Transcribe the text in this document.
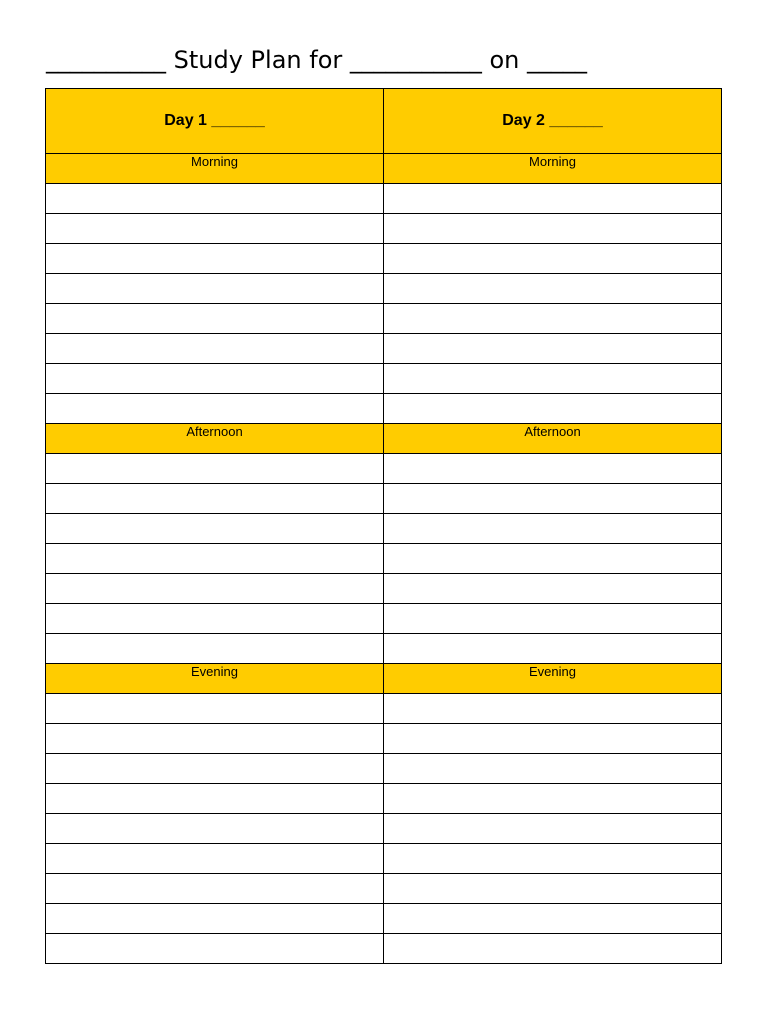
__________ Study Plan for ___________ on _____
Day 1 ______	Day 2 ______
Morning	Morning

Afternoon	Afternoon

Evening	Evening
